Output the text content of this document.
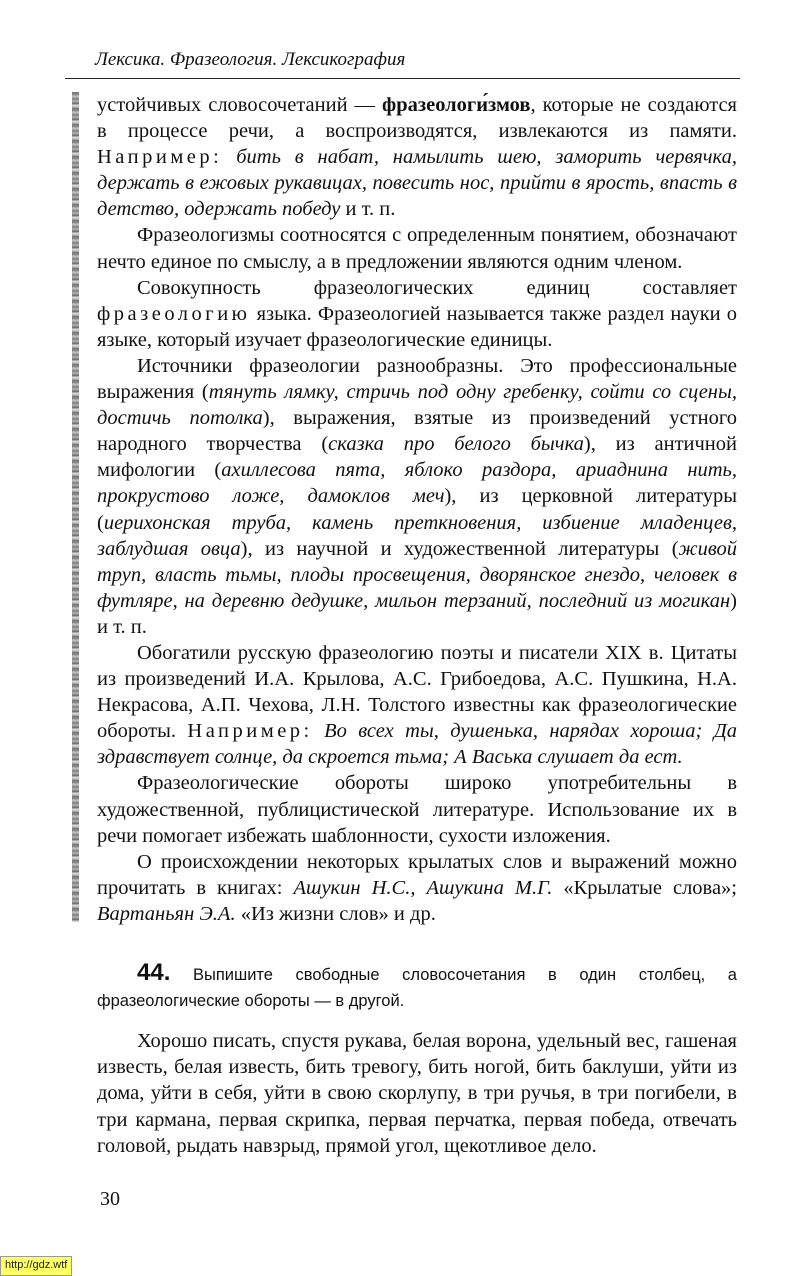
Лексика. Фразеология. Лексикография

устойчивых словосочетаний — фразеологи́змов, которые не создаются в процессе речи, а воспроизводятся, извлекаются из памяти. Например: бить в набат, намылить шею, заморить червячка, держать в ежовых рукавицах, повесить нос, прийти в ярость, впасть в детство, одержать победу и т. п.

Фразеологизмы соотносятся с определенным понятием, обозначают нечто единое по смыслу, а в предложении являются одним членом.

Совокупность фразеологических единиц составляет фразеологию языка. Фразеологией называется также раздел науки о языке, который изучает фразеологические единицы.

Источники фразеологии разнообразны. Это профессиональные выражения (тянуть лямку, стричь под одну гребенку, сойти со сцены, достичь потолка), выражения, взятые из произведений устного народного творчества (сказка про белого бычка), из античной мифологии (ахиллесова пята, яблоко раздора, ариаднина нить, прокрустово ложе, дамоклов меч), из церковной литературы (иерихонская труба, камень преткновения, избиение младенцев, заблудшая овца), из научной и художественной литературы (живой труп, власть тьмы, плоды просвещения, дворянское гнездо, человек в футляре, на деревню дедушке, мильон терзаний, последний из могикан) и т. п.

Обогатили русскую фразеологию поэты и писатели XIX в. Цитаты из произведений И.А. Крылова, А.С. Грибоедова, А.С. Пушкина, Н.А. Некрасова, А.П. Чехова, Л.Н. Толстого известны как фразеологические обороты. Например: Во всех ты, душенька, нарядах хороша; Да здравствует солнце, да скроется тьма; А Васька слушает да ест.

Фразеологические обороты широко употребительны в художественной, публицистической литературе. Использование их в речи помогает избежать шаблонности, сухости изложения.

О происхождении некоторых крылатых слов и выражений можно прочитать в книгах: Ашукин Н.С., Ашукина М.Г. «Крылатые слова»; Вартаньян Э.А. «Из жизни слов» и др.

44. Выпишите свободные словосочетания в один столбец, а фразеологические обороты — в другой.
Хорошо писать, спустя рукава, белая ворона, удельный вес, гашеная известь, белая известь, бить тревогу, бить ногой, бить баклуши, уйти из дома, уйти в себя, уйти в свою скорлупу, в три ручья, в три погибели, в три кармана, первая скрипка, первая перчатка, первая победа, отвечать головой, рыдать навзрыд, прямой угол, щекотливое дело.
30
http://gdz.wtf
